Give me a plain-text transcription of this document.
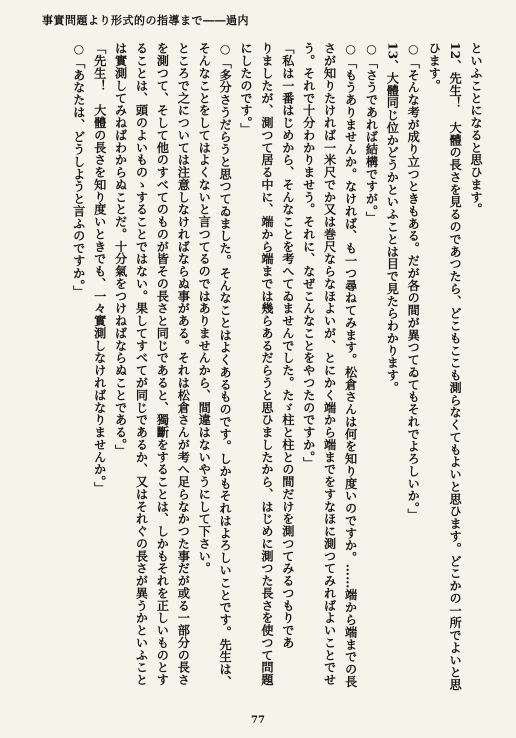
事實問題より形式的の指導まで――過内

といふことになると思ひます。

12、先生！　大體の長さを見るのであつたら、どこもここも測らなくてもよいと思ひます。どこかの一所でよいと思ひます。

○「そんな考が成り立つときもある。だが各の間が異つてゐてもそれでよろしいか。」

13、大體同じ位かどうかといふことは目で見たらわかります。

○「さうであれば結構ですが。」

○「もうありませんか。なければ、も一つ尋ねてみます。松倉さんは何を知り度いのですか。……端から端までの長さが知りたければ一米尺でか又は巻尺ならなほよいが、とにかく端から端までをすなほに測つてみればよいことでせう。それで十分わかりませう。それに、なぜこんなことをやつたのですか。」

「私は一番はじめから、そんなことを考へてゐませんでした。たゞ柱と柱との間だけを測つてみるつもりであ

りましたが、測つて居る中に、端から端までは幾らあるだらうと思ひましたから、はじめに測つた長さを使つて問題にしたのです。」

○「多分さうだらうと思つてゐました。そんなことはよくあるものです。しかもそれはよろしいことです。先生は、そんなことをしてはよくないと言つてるのではありませんから、間違はないやうにして下さい。

ところで之については注意しなければならぬ事がある。それは松倉さんが考へ足らなかつた事だが或る一部分の長さを測つて、そして他のすべてのものが皆その長さと同じであると、獨斷をすることは、しかもそれを正しいものとすることは、頭のよいものゝすることではない。果してすべてが同じであるか、又はそれぐの長さが異うかといふことは實測してみねばわからぬことだ。十分氣をつけねばならぬことである。」

「先生！　大體の長さを知り度いときでも、一々實測しなければなりませんか。」

○「あなたは、どうしようと言ふのですか。」

77
